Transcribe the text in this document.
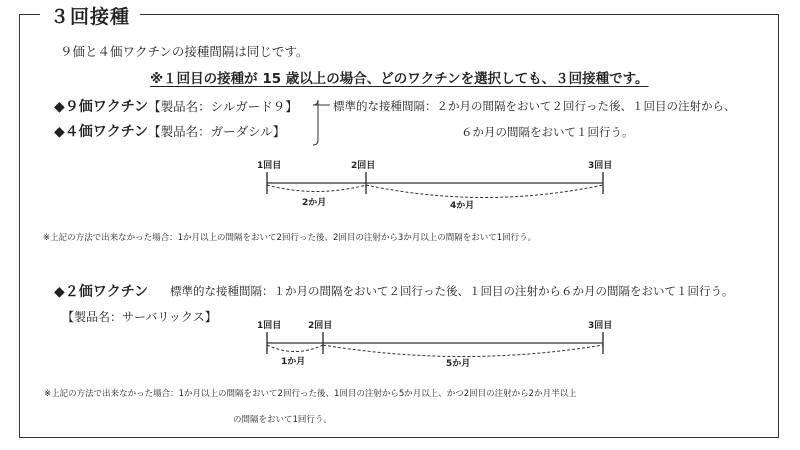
３回接種
９価と４価ワクチンの接種間隔は同じです。
※１回目の接種が 15 歳以上の場合、どのワクチンを選択しても、３回接種です。
◆９価ワクチン【製品名：シルガード９】
◆４価ワクチン【製品名：ガーダシル】
標準的な接種間隔：２か月の間隔をおいて２回行った後、１回目の注射から、
６か月の間隔をおいて１回行う。
1回目	2回目	3回目
2か月	4か月
※上記の方法で出来なかった場合：1か月以上の間隔をおいて2回行った後、2回目の注射から3か月以上の間隔をおいて1回行う。
◆２価ワクチン 標準的な接種間隔：１か月の間隔をおいて２回行った後、１回目の注射から６か月の間隔をおいて１回行う。
【製品名：サーバリックス】
1回目	2回目	3回目
1か月	5か月
※上記の方法で出来なかった場合：1か月以上の間隔をおいて2回行った後、1回目の注射から5か月以上、かつ2回目の注射から2か月半以上
の間隔をおいて1回行う。
